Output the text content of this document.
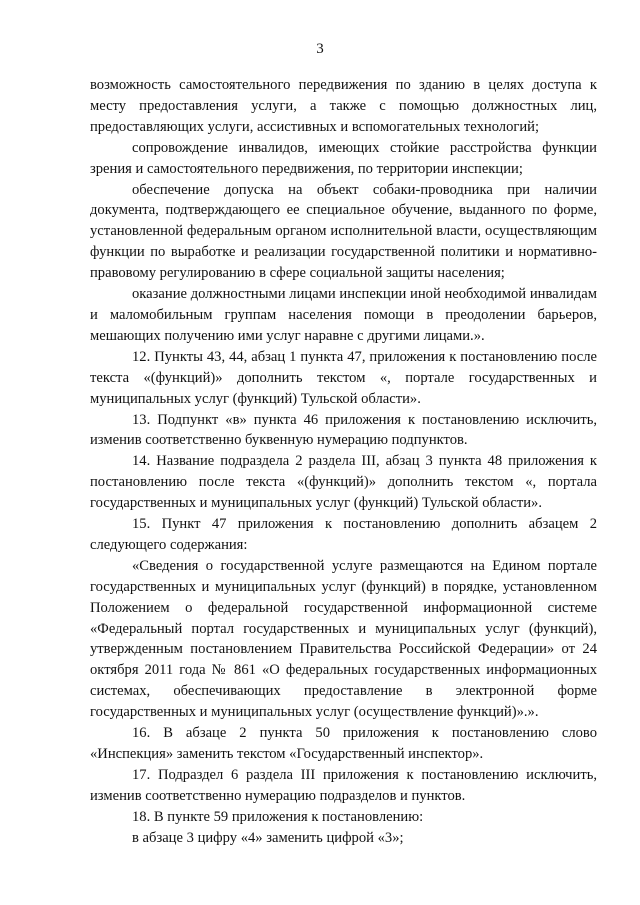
3

возможность самостоятельного передвижения по зданию в целях доступа к месту предоставления услуги, а также с помощью должностных лиц, предоставляющих услуги, ассистивных и вспомогательных технологий;

сопровождение инвалидов, имеющих стойкие расстройства функции зрения и самостоятельного передвижения, по территории инспекции;

обеспечение допуска на объект собаки-проводника при наличии документа, подтверждающего ее специальное обучение, выданного по форме, установленной федеральным органом исполнительной власти, осуществляющим функции по выработке и реализации государственной политики и нормативно-правовому регулированию в сфере социальной защиты населения;

оказание должностными лицами инспекции иной необходимой инвалидам и маломобильным группам населения помощи в преодолении барьеров, мешающих получению ими услуг наравне с другими лицами.».

12. Пункты 43, 44, абзац 1 пункта 47, приложения к постановлению после текста «(функций)» дополнить текстом «, портале государственных и муниципальных услуг (функций) Тульской области».

13. Подпункт «в» пункта 46 приложения к постановлению исключить, изменив соответственно буквенную нумерацию подпунктов.

14. Название подраздела 2 раздела III, абзац 3 пункта 48 приложения к постановлению после текста «(функций)» дополнить текстом «, портала государственных и муниципальных услуг (функций) Тульской области».

15. Пункт 47 приложения к постановлению дополнить абзацем 2 следующего содержания:

«Сведения о государственной услуге размещаются на Едином портале государственных и муниципальных услуг (функций) в порядке, установленном Положением о федеральной государственной информационной системе «Федеральный портал государственных и муниципальных услуг (функций), утвержденным постановлением Правительства Российской Федерации» от 24 октября 2011 года № 861 «О федеральных государственных информационных системах, обеспечивающих предоставление в электронной форме государственных и муниципальных услуг (осуществление функций)».».

16. В абзаце 2 пункта 50 приложения к постановлению слово «Инспекция» заменить текстом «Государственный инспектор».

17. Подраздел 6 раздела III приложения к постановлению исключить, изменив соответственно нумерацию подразделов и пунктов.

18. В пункте 59 приложения к постановлению:

в абзаце 3 цифру «4» заменить цифрой «3»;
